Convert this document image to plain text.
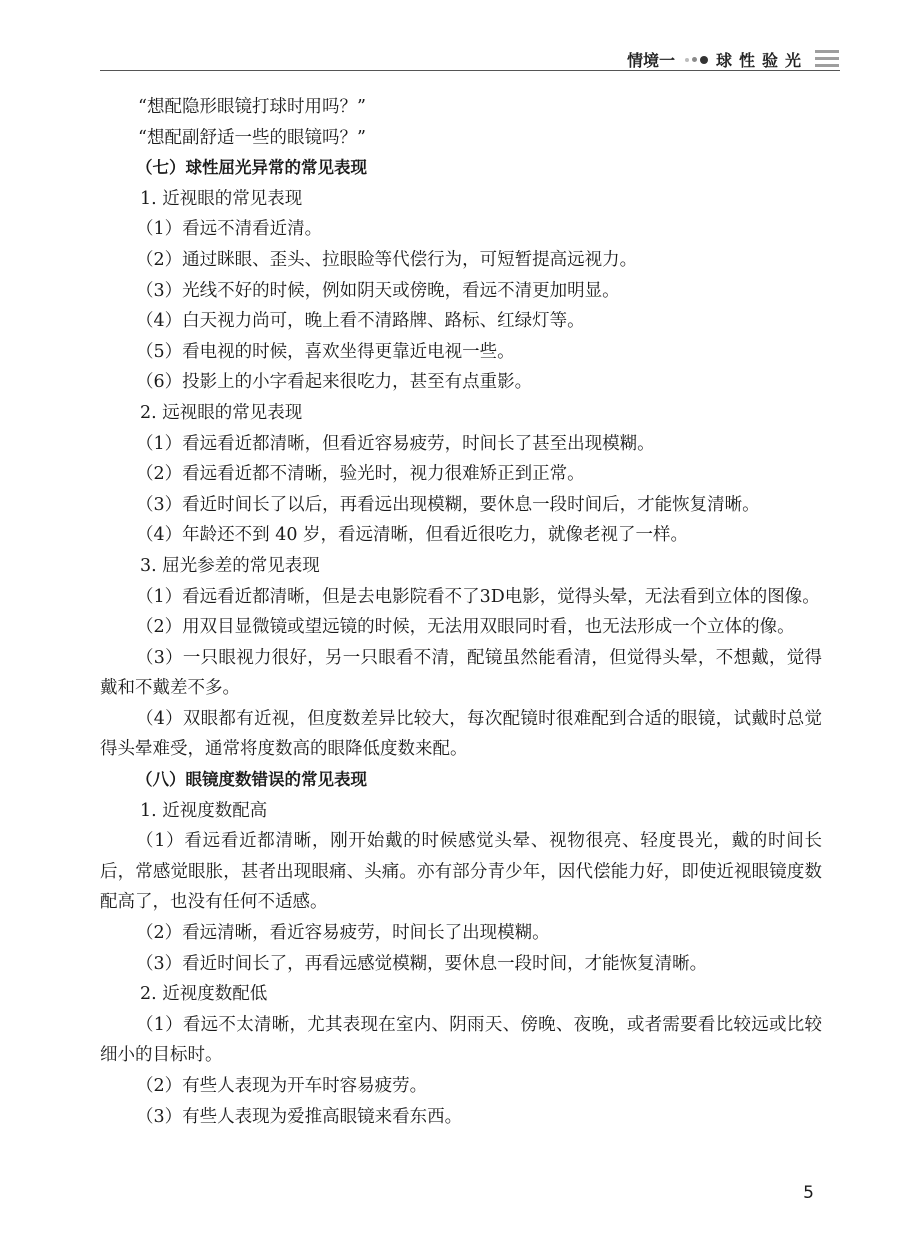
情境一	球性验光

“想配隐形眼镜打球时用吗？”

“想配副舒适一些的眼镜吗？”

（七）球性屈光异常的常见表现

1. 近视眼的常见表现

（1）看远不清看近清。

（2）通过眯眼、歪头、拉眼睑等代偿行为，可短暂提高远视力。

（3）光线不好的时候，例如阴天或傍晚，看远不清更加明显。

（4）白天视力尚可，晚上看不清路牌、路标、红绿灯等。

（5）看电视的时候，喜欢坐得更靠近电视一些。

（6）投影上的小字看起来很吃力，甚至有点重影。

2. 远视眼的常见表现

（1）看远看近都清晰，但看近容易疲劳，时间长了甚至出现模糊。

（2）看远看近都不清晰，验光时，视力很难矫正到正常。

（3）看近时间长了以后，再看远出现模糊，要休息一段时间后，才能恢复清晰。

（4）年龄还不到 40 岁，看远清晰，但看近很吃力，就像老视了一样。

3. 屈光参差的常见表现

（1）看远看近都清晰，但是去电影院看不了3D电影，觉得头晕，无法看到立体的图像。

（2）用双目显微镜或望远镜的时候，无法用双眼同时看，也无法形成一个立体的像。

（3）一只眼视力很好，另一只眼看不清，配镜虽然能看清，但觉得头晕，不想戴，觉得戴和不戴差不多。

（4）双眼都有近视，但度数差异比较大，每次配镜时很难配到合适的眼镜，试戴时总觉得头晕难受，通常将度数高的眼降低度数来配。

（八）眼镜度数错误的常见表现

1. 近视度数配高

（1）看远看近都清晰，刚开始戴的时候感觉头晕、视物很亮、轻度畏光，戴的时间长后，常感觉眼胀，甚者出现眼痛、头痛。亦有部分青少年，因代偿能力好，即使近视眼镜度数配高了，也没有任何不适感。

（2）看远清晰，看近容易疲劳，时间长了出现模糊。

（3）看近时间长了，再看远感觉模糊，要休息一段时间，才能恢复清晰。

2. 近视度数配低

（1）看远不太清晰，尤其表现在室内、阴雨天、傍晚、夜晚，或者需要看比较远或比较细小的目标时。

（2）有些人表现为开车时容易疲劳。

（3）有些人表现为爱推高眼镜来看东西。

5
